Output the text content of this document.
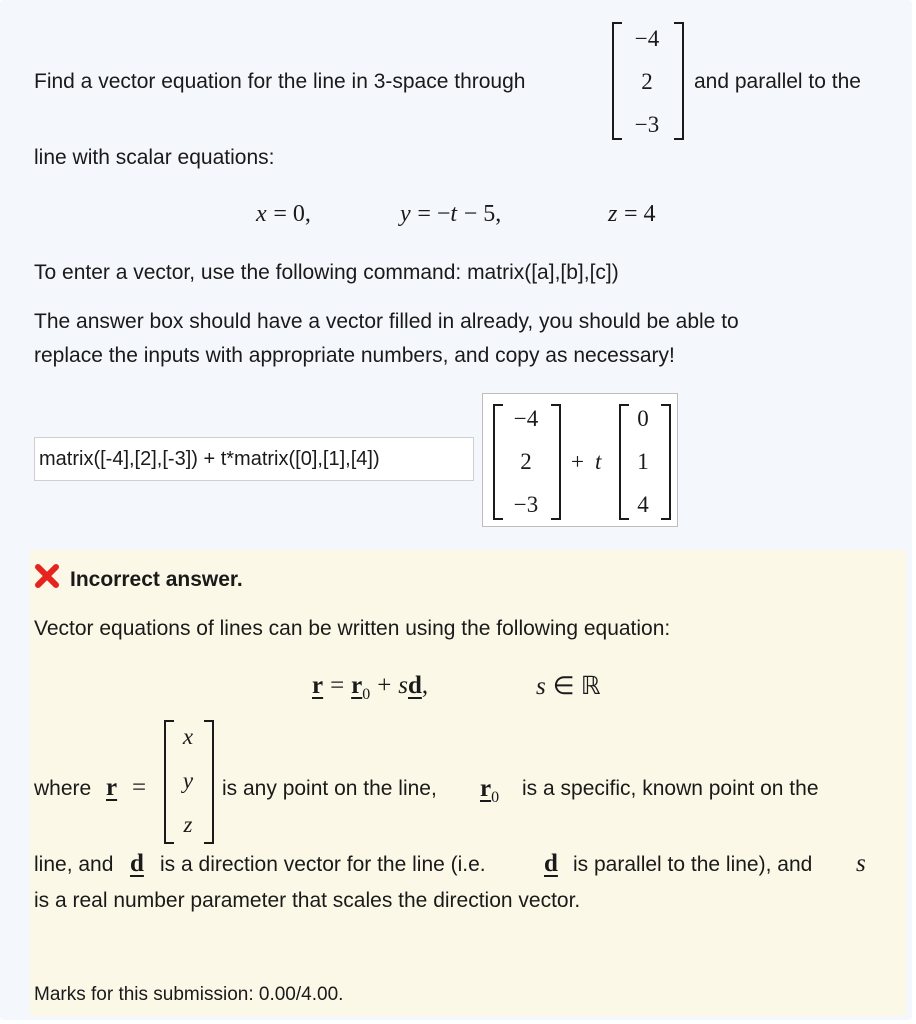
Find a vector equation for the line in 3-space through
−4
2
−3
and parallel to the
line with scalar equations:
x = 0,	y = −t − 5,	z = 4
To enter a vector, use the following command: matrix([a],[b],[c])
The answer box should have a vector filled in already, you should be able to
replace the inputs with appropriate numbers, and copy as necessary!
matrix([-4],[2],[-3]) + t*matrix([0],[1],[4])
−4
2
−3
+ t
0
1
4
Incorrect answer.
Vector equations of lines can be written using the following equation:
$r = r_0$ + sd,	s ∈ ℝ
where r =
x
y
z
is any point on the line, $r_0$ is a specific, known point on the
line, and d is a direction vector for the line (i.e. d is parallel to the line), and s
is a real number parameter that scales the direction vector.
Marks for this submission: 0.00/4.00.
